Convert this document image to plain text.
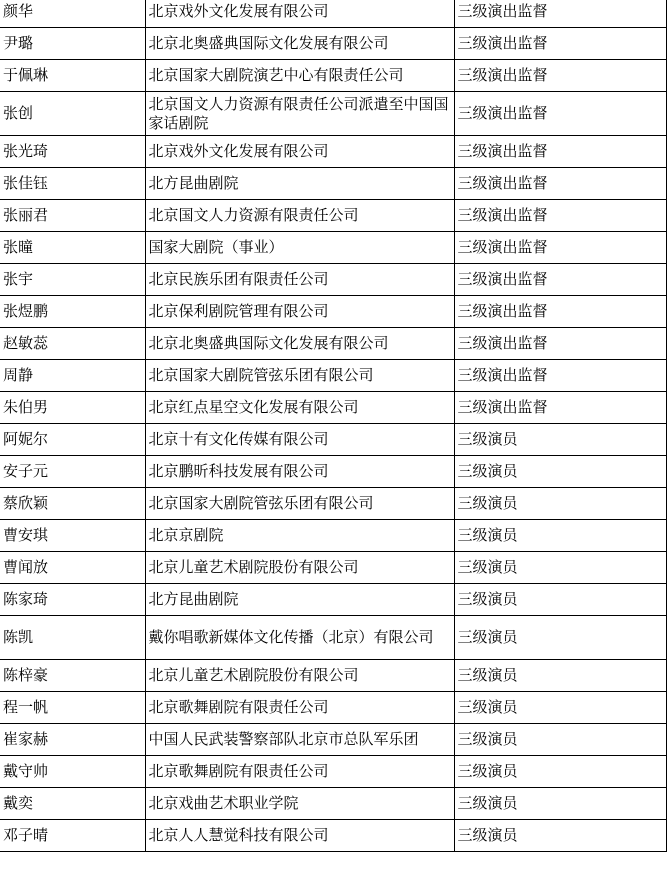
颜华	北京戏外文化发展有限公司	三级演出监督
尹璐	北京北奥盛典国际文化发展有限公司	三级演出监督
于佩琳	北京国家大剧院演艺中心有限责任公司	三级演出监督
张创	北京国文人力资源有限责任公司派遣至中国国家话剧院	三级演出监督
张光琦	北京戏外文化发展有限公司	三级演出监督
张佳钰	北方昆曲剧院	三级演出监督
张丽君	北京国文人力资源有限责任公司	三级演出监督
张曈	国家大剧院（事业）	三级演出监督
张宇	北京民族乐团有限责任公司	三级演出监督
张煜鹏	北京保利剧院管理有限公司	三级演出监督
赵敏蕊	北京北奥盛典国际文化发展有限公司	三级演出监督
周静	北京国家大剧院管弦乐团有限公司	三级演出监督
朱伯男	北京红点星空文化发展有限公司	三级演出监督
阿妮尔	北京十有文化传媒有限公司	三级演员
安子元	北京鹏昕科技发展有限公司	三级演员
蔡欣颖	北京国家大剧院管弦乐团有限公司	三级演员
曹安琪	北京京剧院	三级演员
曹闻放	北京儿童艺术剧院股份有限公司	三级演员
陈家琦	北方昆曲剧院	三级演员
陈凯	戴你唱歌新媒体文化传播（北京）有限公司	三级演员
陈梓豪	北京儿童艺术剧院股份有限公司	三级演员
程一帆	北京歌舞剧院有限责任公司	三级演员
崔家赫	中国人民武装警察部队北京市总队军乐团	三级演员
戴守帅	北京歌舞剧院有限责任公司	三级演员
戴奕	北京戏曲艺术职业学院	三级演员
邓子晴	北京人人慧觉科技有限公司	三级演员
